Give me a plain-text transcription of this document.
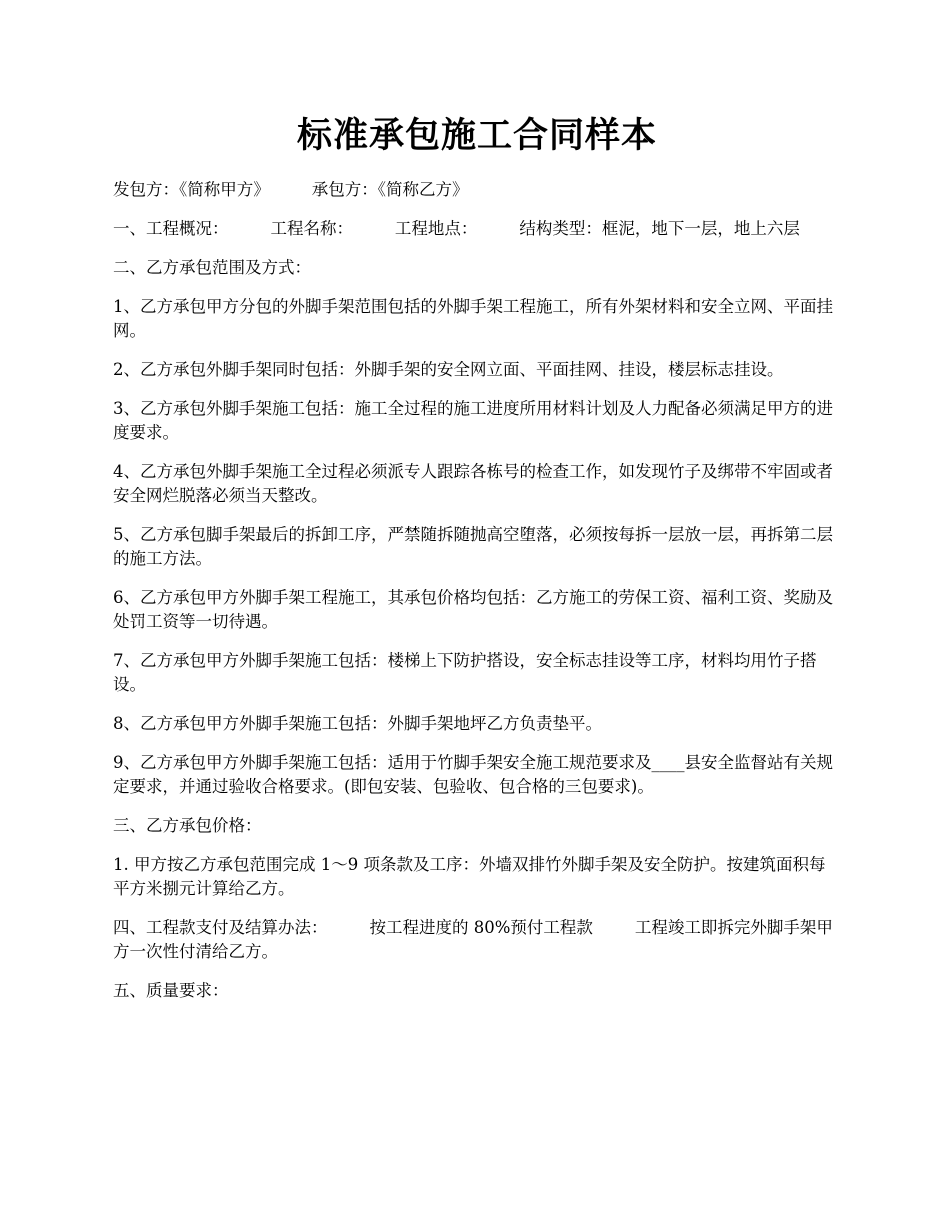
标准承包施工合同样本
发包方：《简称甲方》        承包方：《简称乙方》
一、工程概况：        工程名称：        工程地点：        结构类型：框泥，地下一层，地上六层
二、乙方承包范围及方式：
1、乙方承包甲方分包的外脚手架范围包括的外脚手架工程施工，所有外架材料和安全立网、平面挂网。
2、乙方承包外脚手架同时包括：外脚手架的安全网立面、平面挂网、挂设，楼层标志挂设。
3、乙方承包外脚手架施工包括：施工全过程的施工进度所用材料计划及人力配备必须满足甲方的进度要求。
4、乙方承包外脚手架施工全过程必须派专人跟踪各栋号的检查工作，如发现竹子及绑带不牢固或者安全网烂脱落必须当天整改。
5、乙方承包脚手架最后的拆卸工序，严禁随拆随抛高空堕落，必须按每拆一层放一层，再拆第二层的施工方法。
6、乙方承包甲方外脚手架工程施工，其承包价格均包括：乙方施工的劳保工资、福利工资、奖励及处罚工资等一切待遇。
7、乙方承包甲方外脚手架施工包括：楼梯上下防护搭设，安全标志挂设等工序，材料均用竹子搭设。
8、乙方承包甲方外脚手架施工包括：外脚手架地坪乙方负责垫平。
9、乙方承包甲方外脚手架施工包括：适用于竹脚手架安全施工规范要求及____县安全监督站有关规定要求，并通过验收合格要求。(即包安装、包验收、包合格的三包要求)。
三、乙方承包价格：
1. 甲方按乙方承包范围完成 1～9 项条款及工序：外墙双排竹外脚手架及安全防护。按建筑面积每平方米捌元计算给乙方。
四、工程款支付及结算办法：        按工程进度的 80%预付工程款        工程竣工即拆完外脚手架甲方一次性付清给乙方。
五、质量要求：
